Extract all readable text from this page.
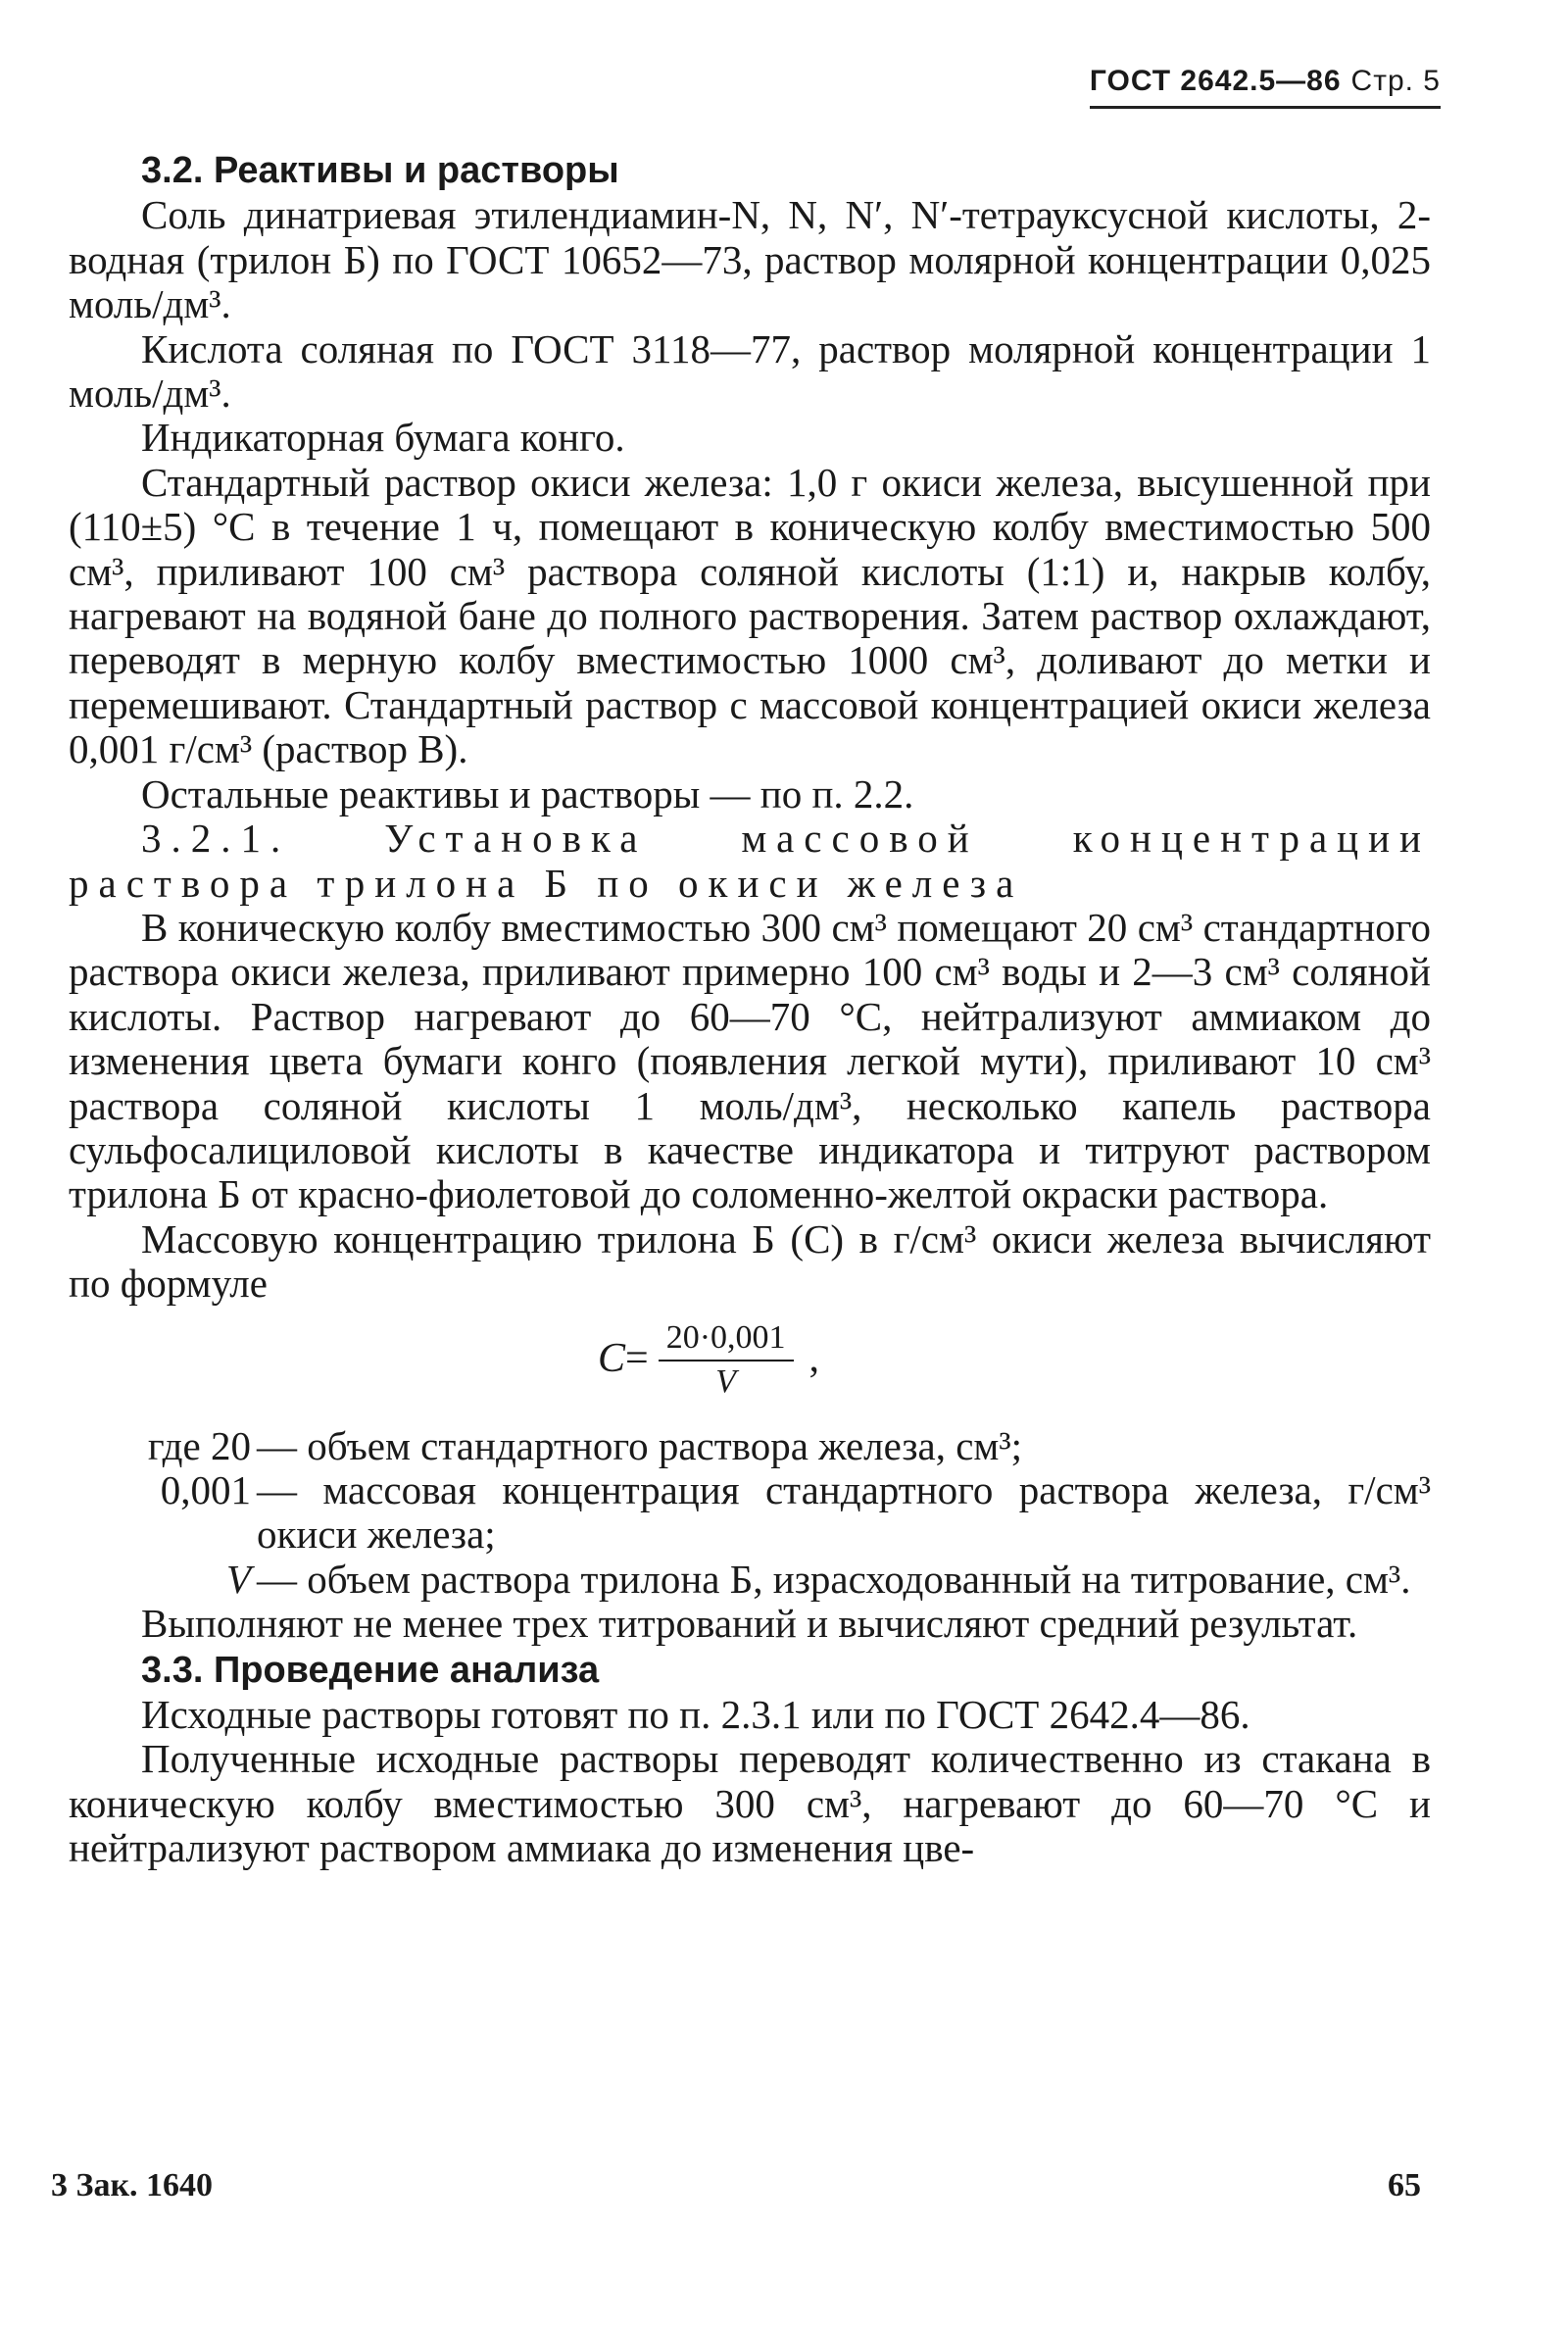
ГОСТ 2642.5—86 Стр. 5

3.2. Реактивы и растворы

Соль динатриевая этилендиамин-N, N, N′, N′-тетрауксусной кислоты, 2-водная (трилон Б) по ГОСТ 10652—73, раствор молярной концентрации 0,025 моль/дм³.

Кислота соляная по ГОСТ 3118—77, раствор молярной концентрации 1 моль/дм³.

Индикаторная бумага конго.

Стандартный раствор окиси железа: 1,0 г окиси железа, высушенной при (110±5) °С в течение 1 ч, помещают в коническую колбу вместимостью 500 см³, приливают 100 см³ раствора соляной кислоты (1:1) и, накрыв колбу, нагревают на водяной бане до полного растворения. Затем раствор охлаждают, переводят в мерную колбу вместимостью 1000 см³, доливают до метки и перемешивают. Стандартный раствор с массовой концентрацией окиси железа 0,001 г/см³ (раствор В).

Остальные реактивы и растворы — по п. 2.2.

3.2.1. Установка массовой концентрации раствора трилона Б по окиси железа

В коническую колбу вместимостью 300 см³ помещают 20 см³ стандартного раствора окиси железа, приливают примерно 100 см³ воды и 2—3 см³ соляной кислоты. Раствор нагревают до 60—70 °С, нейтрализуют аммиаком до изменения цвета бумаги конго (появления легкой мути), приливают 10 см³ раствора соляной кислоты 1 моль/дм³, несколько капель раствора сульфосалициловой кислоты в качестве индикатора и титруют раствором трилона Б от красно-фиолетовой до соломенно-желтой окраски раствора.

Массовую концентрацию трилона Б (С) в г/см³ окиси железа вычисляют по формуле

$C = \frac{20\cdot 0,001}{V}$ ,
где 20 — объем стандартного раствора железа, см³;
0,001 — массовая концентрация стандартного раствора железа, г/см³ окиси железа;
V — объем раствора трилона Б, израсходованный на титрование, см³.

Выполняют не менее трех титрований и вычисляют средний результат.

3.3. Проведение анализа

Исходные растворы готовят по п. 2.3.1 или по ГОСТ 2642.4—86.

Полученные исходные растворы переводят количественно из стакана в коническую колбу вместимостью 300 см³, нагревают до 60—70 °С и нейтрализуют раствором аммиака до изменения цве-

3 Зак. 1640	65
